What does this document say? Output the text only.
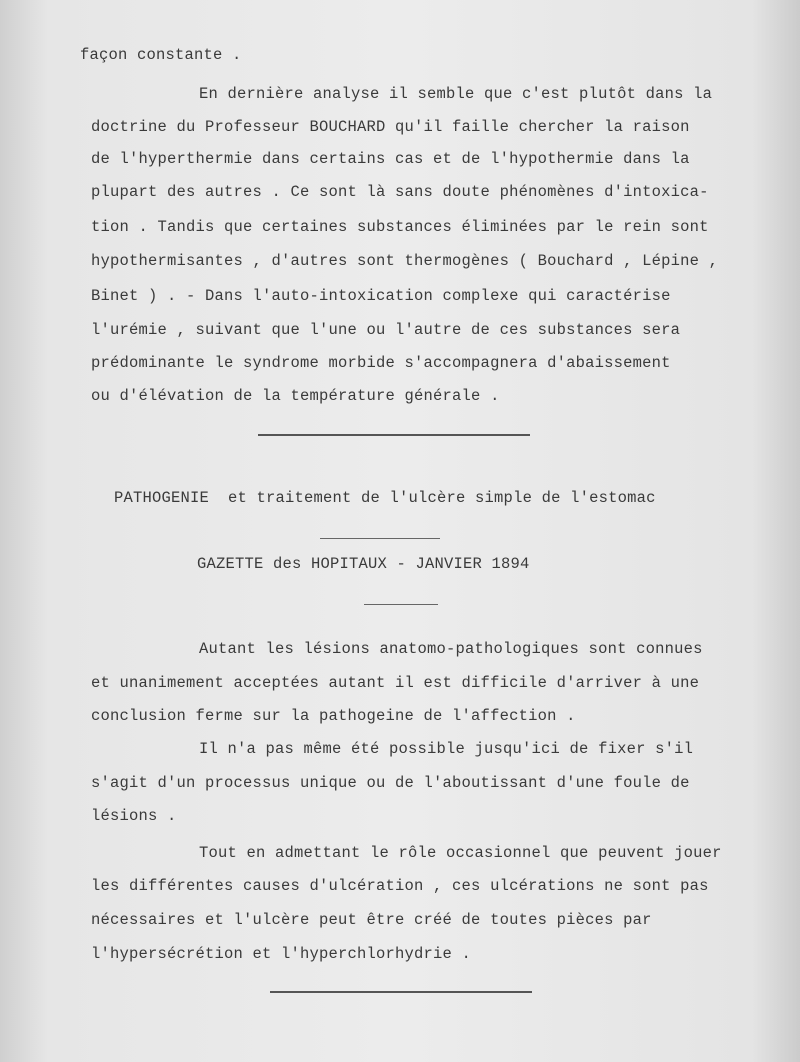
façon constante .
En dernière analyse il semble que c'est plutôt dans la
doctrine du Professeur BOUCHARD qu'il faille chercher la raison
de l'hyperthermie dans certains cas et de l'hypothermie dans la
plupart des autres . Ce sont là sans doute phénomènes d'intoxica-
tion . Tandis que certaines substances éliminées par le rein sont
hypothermisantes , d'autres sont thermogènes ( Bouchard , Lépine ,
Binet ) . - Dans l'auto-intoxication complexe qui caractérise
l'urémie , suivant que l'une ou l'autre de ces substances sera
prédominante le syndrome morbide s'accompagnera d'abaissement
ou d'élévation de la température générale .
PATHOGENIE  et traitement de l'ulcère simple de l'estomac
GAZETTE des HOPITAUX - JANVIER 1894
Autant les lésions anatomo-pathologiques sont connues
et unanimement acceptées autant il est difficile d'arriver à une
conclusion ferme sur la pathogeine de l'affection .
Il n'a pas même été possible jusqu'ici de fixer s'il
s'agit d'un processus unique ou de l'aboutissant d'une foule de
lésions .
Tout en admettant le rôle occasionnel que peuvent jouer
les différentes causes d'ulcération , ces ulcérations ne sont pas
nécessaires et l'ulcère peut être créé de toutes pièces par
l'hypersécrétion et l'hyperchlorhydrie .
